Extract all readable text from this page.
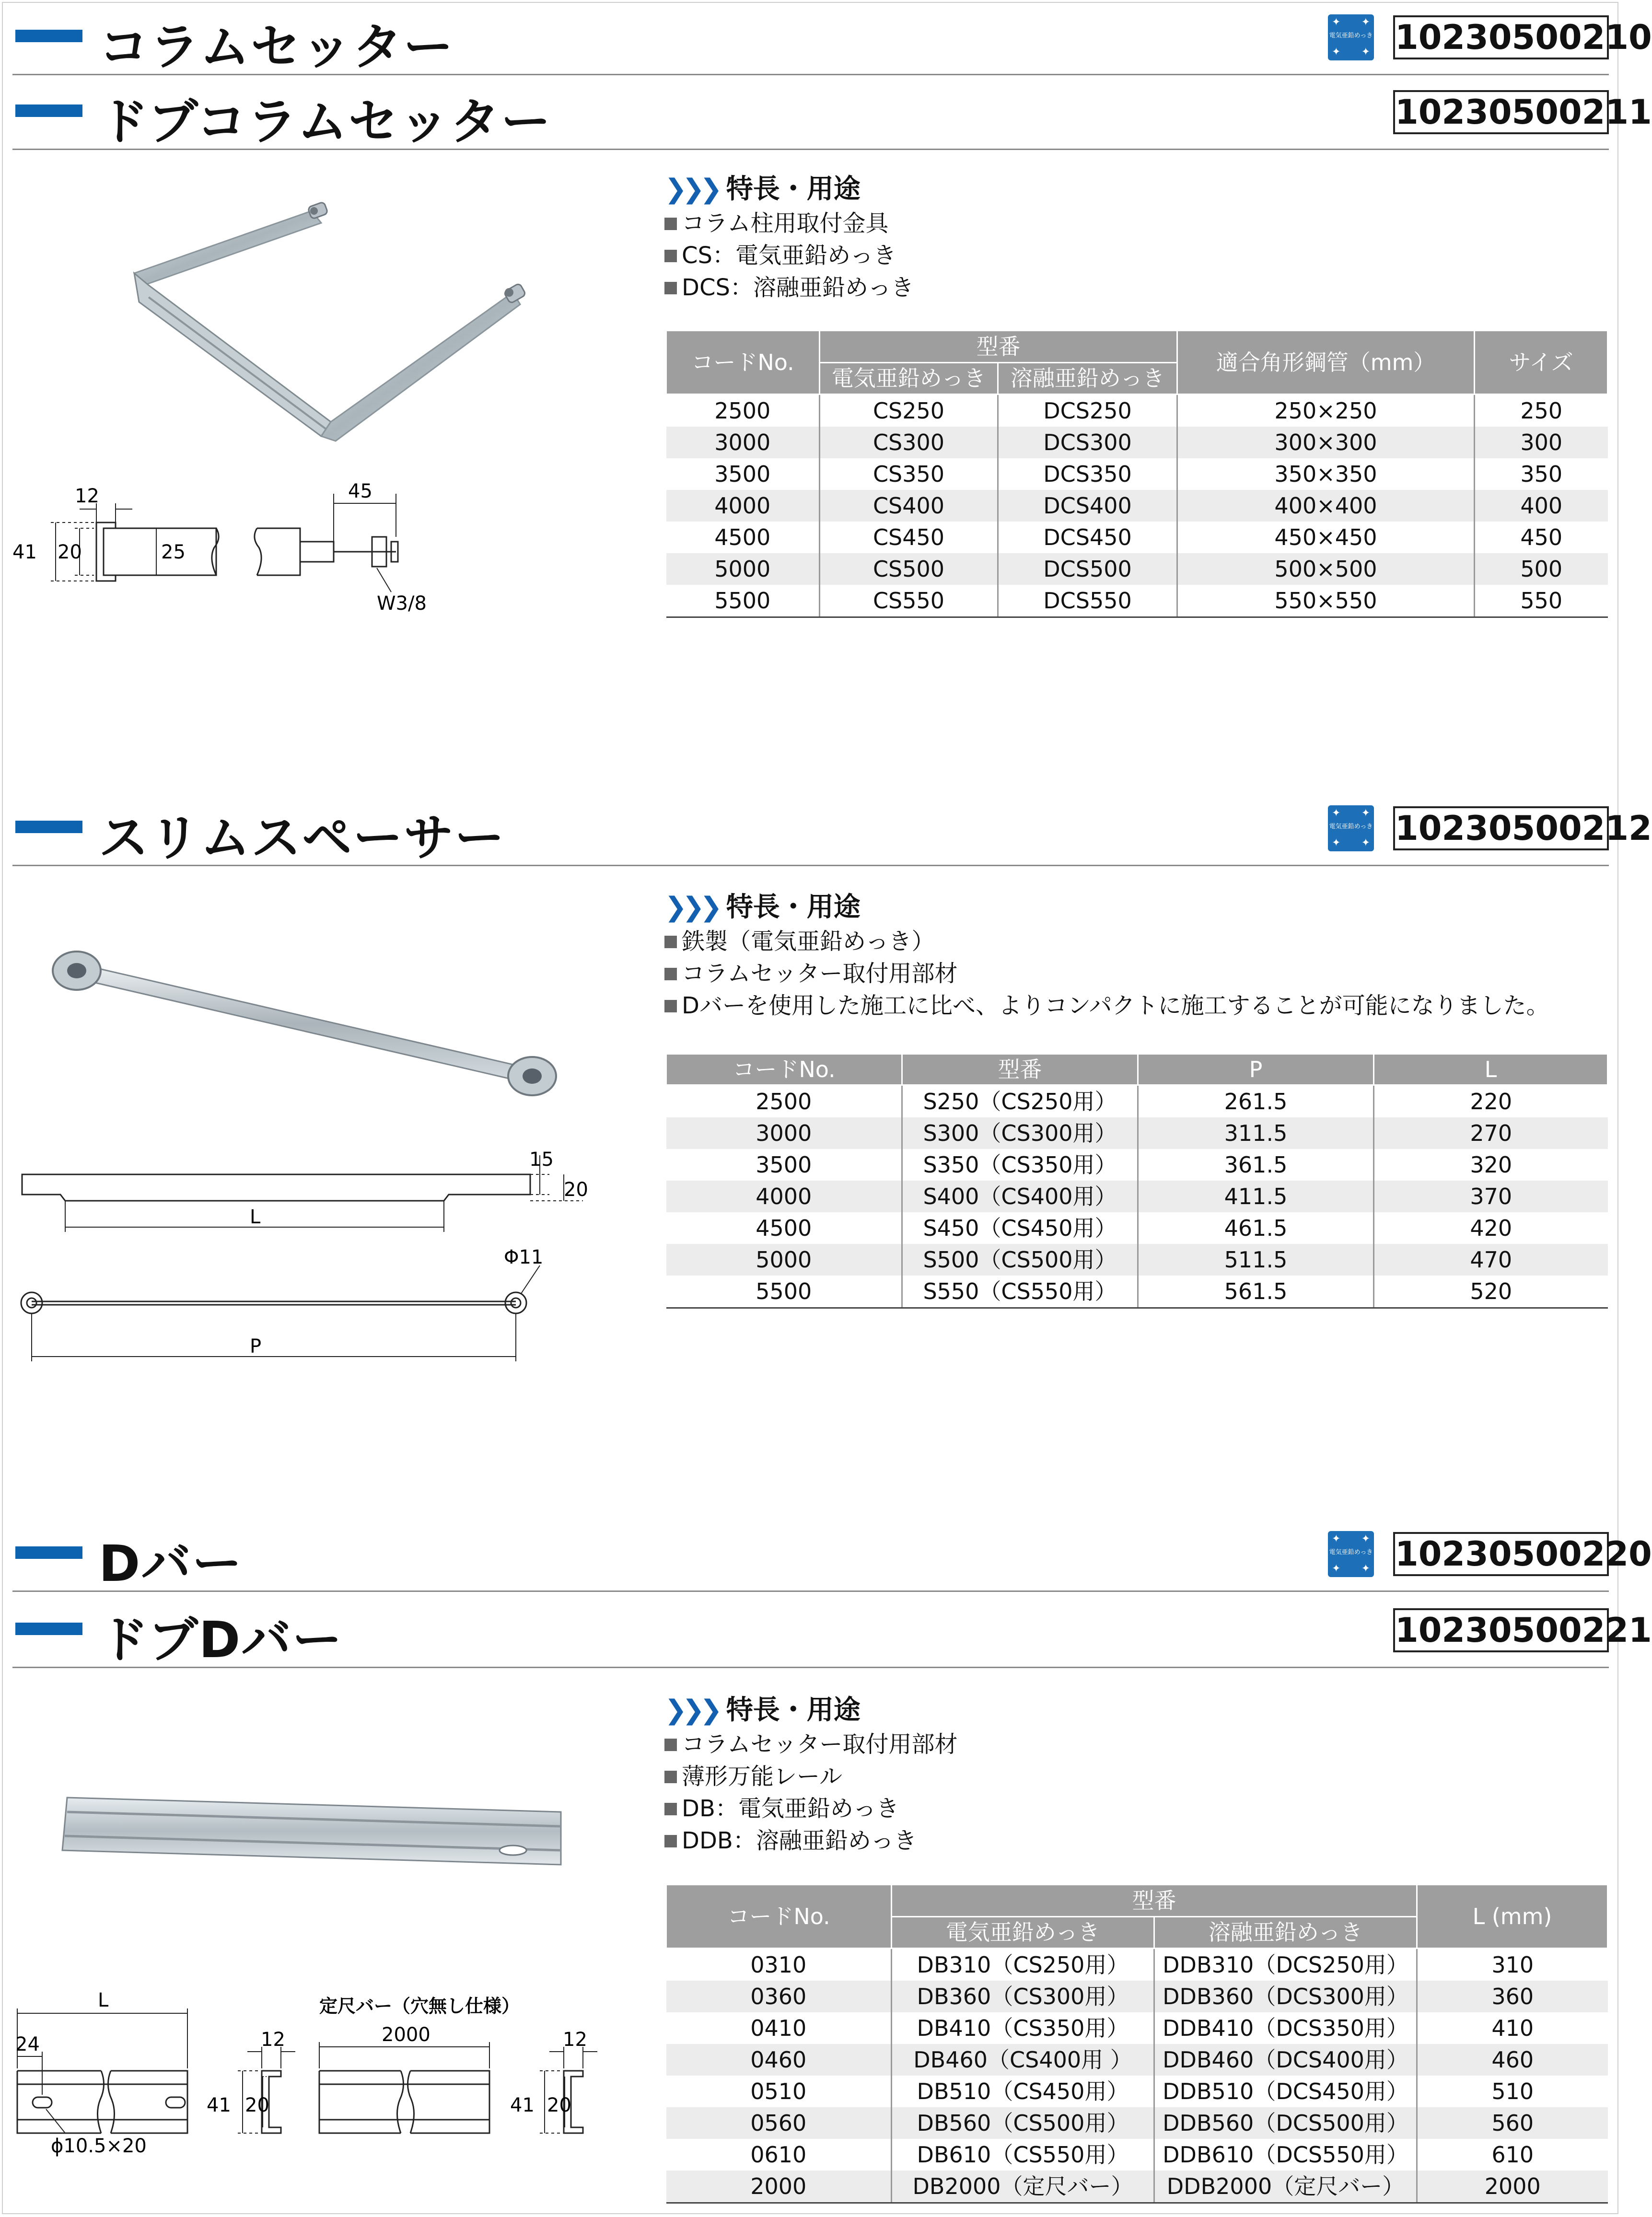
コラムセッター	✦ ✦
✦ ✦
電気亜鉛めっき 10230500210
ドブコラムセッター	10230500211
12
41 20	25
45
W3/8
❯❯❯ 特長・用途
コラム柱用取付金具
CS：電気亜鉛めっき
DCS：溶融亜鉛めっき
コードNo.	型番		適合角形鋼管（mm）	サイズ
	電気亜鉛めっき	溶融亜鉛めっき		
2500	CS250	DCS250	250×250	250
3000	CS300	DCS300	300×300	300
3500	CS350	DCS350	350×350	350
4000	CS400	DCS400	400×400	400
4500	CS450	DCS450	450×450	450
5000	CS500	DCS500	500×500	500
5500	CS550	DCS550	550×550	550
スリムスペーサー	✦ ✦
✦ ✦
電気亜鉛めっき 10230500212
15
20
L
Φ11
P
❯❯❯ 特長・用途
鉄製（電気亜鉛めっき）
コラムセッター取付用部材
Dバーを使用した施工に比べ、よりコンパクトに施工することが可能になりました。
コードNo.	型番	P	L
2500	S250（CS250用）	261.5	220
3000	S300（CS300用）	311.5	270
3500	S350（CS350用）	361.5	320
4000	S400（CS400用）	411.5	370
4500	S450（CS450用）	461.5	420
5000	S500（CS500用）	511.5	470
5500	S550（CS550用）	561.5	520
Dバー	✦ ✦
✦ ✦
電気亜鉛めっき 10230500220
ドブDバー	10230500221
L
24
ϕ10.5×20
12
41 20
定尺バー（穴無し仕様）
2000	12
41 20
❯❯❯ 特長・用途
コラムセッター取付用部材
薄形万能レール
DB：電気亜鉛めっき
DDB：溶融亜鉛めっき
コードNo.	型番		L (mm)
	電気亜鉛めっき	溶融亜鉛めっき	
0310	DB310（CS250用）	DDB310（DCS250用）	310
0360	DB360（CS300用）	DDB360（DCS300用）	360
0410	DB410（CS350用）	DDB410（DCS350用）	410
0460	DB460（CS400用 ）	DDB460（DCS400用）	460
0510	DB510（CS450用）	DDB510（DCS450用）	510
0560	DB560（CS500用）	DDB560（DCS500用）	560
0610	DB610（CS550用）	DDB610（DCS550用）	610
2000	DB2000（定尺バー）	DDB2000（定尺バー）	2000
